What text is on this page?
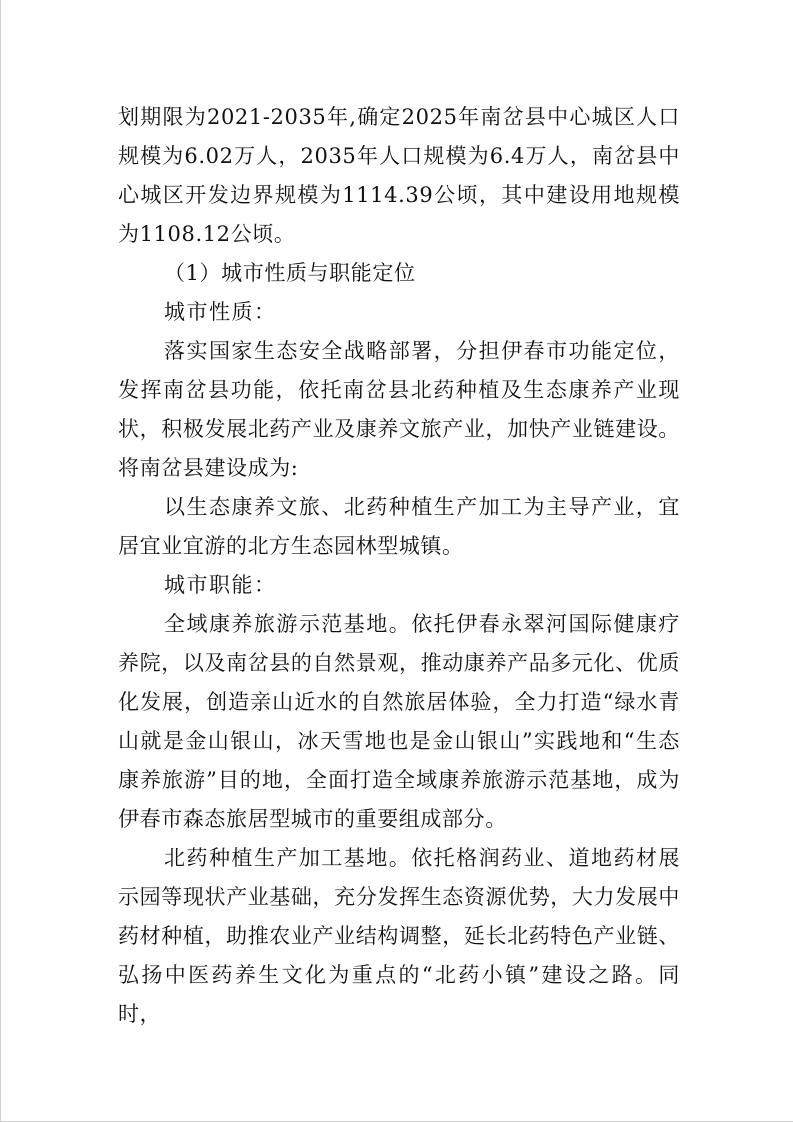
划期限为2021-2035年,确定2025年南岔县中心城区人口规模为6.02万人，2035年人口规模为6.4万人，南岔县中心城区开发边界规模为1114.39公顷，其中建设用地规模为1108.12公顷。

（1）城市性质与职能定位

城市性质：

落实国家生态安全战略部署，分担伊春市功能定位，发挥南岔县功能，依托南岔县北药种植及生态康养产业现状，积极发展北药产业及康养文旅产业，加快产业链建设。将南岔县建设成为:

以生态康养文旅、北药种植生产加工为主导产业，宜居宜业宜游的北方生态园林型城镇。

城市职能：

全域康养旅游示范基地。依托伊春永翠河国际健康疗养院，以及南岔县的自然景观，推动康养产品多元化、优质化发展，创造亲山近水的自然旅居体验，全力打造“绿水青山就是金山银山，冰天雪地也是金山银山”实践地和“生态康养旅游”目的地，全面打造全域康养旅游示范基地，成为伊春市森态旅居型城市的重要组成部分。

北药种植生产加工基地。依托格润药业、道地药材展示园等现状产业基础，充分发挥生态资源优势，大力发展中药材种植，助推农业产业结构调整，延长北药特色产业链、弘扬中医药养生文化为重点的“北药小镇”建设之路。同时，
